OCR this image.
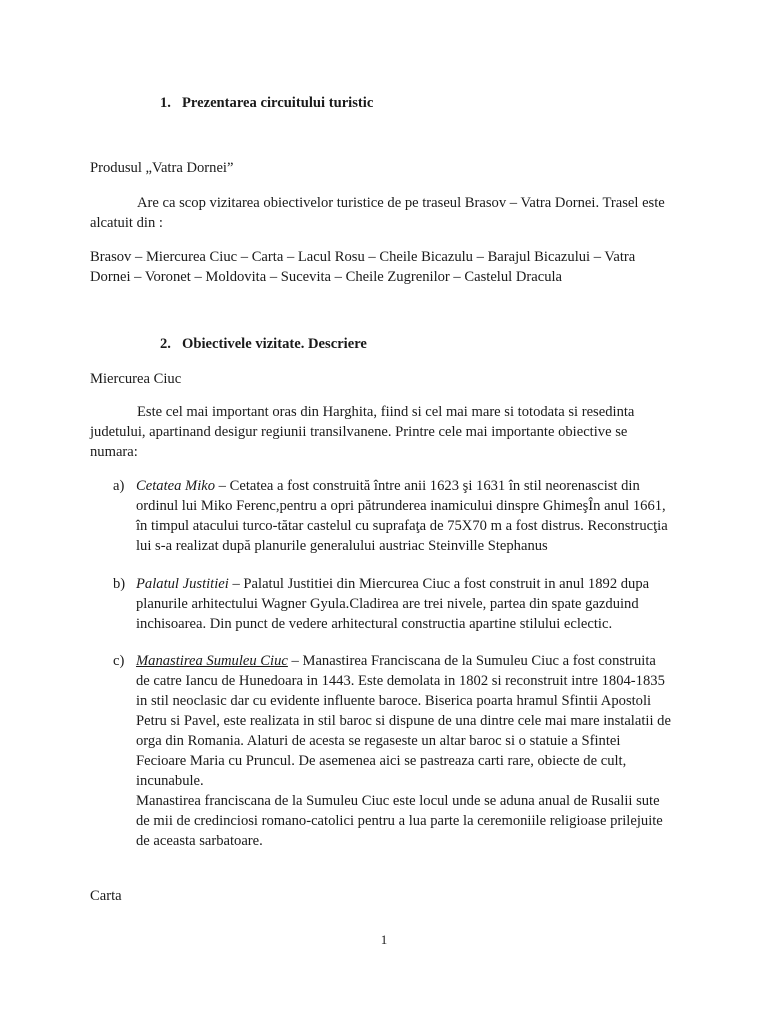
1. Prezentarea circuitului turistic

Produsul „Vatra Dornei”

Are ca scop vizitarea obiectivelor turistice de pe traseul Brasov – Vatra Dornei. Trasel este alcatuit din :

Brasov – Miercurea Ciuc – Carta – Lacul Rosu – Cheile Bicazulu – Barajul Bicazului – Vatra Dornei – Voronet – Moldovita – Sucevita – Cheile Zugrenilor – Castelul Dracula

2. Obiectivele vizitate. Descriere

Miercurea Ciuc

Este cel mai important oras din Harghita, fiind si cel mai mare si totodata si resedinta judetului, apartinand desigur regiunii transilvanene. Printre cele mai importante obiective se numara:

a) Cetatea Miko – Cetatea a fost construită între anii 1623 şi 1631 în stil neorenascist din ordinul lui Miko Ferenc,pentru a opri pătrunderea inamicului dinspre GhimeşÎn anul 1661, în timpul atacului turco-tătar castelul cu suprafaţa de 75X70 m a fost distrus. Reconstrucţia lui s-a realizat după planurile generalului austriac Steinville Stephanus
b) Palatul Justitiei – Palatul Justitiei din Miercurea Ciuc a fost construit in anul 1892 dupa planurile arhitectului Wagner Gyula.Cladirea are trei nivele, partea din spate gazduind inchisoarea. Din punct de vedere arhitectural constructia apartine stilului eclectic.
c) Manastirea Sumuleu Ciuc – Manastirea Franciscana de la Sumuleu Ciuc a fost construita de catre Iancu de Hunedoara in 1443. Este demolata in 1802 si reconstruit intre 1804-1835 in stil neoclasic dar cu evidente influente baroce. Biserica poarta hramul Sfintii Apostoli Petru si Pavel, este realizata in stil baroc si dispune de una dintre cele mai mare instalatii de orga din Romania. Alaturi de acesta se regaseste un altar baroc si o statuie a Sfintei Fecioare Maria cu Pruncul. De asemenea aici se pastreaza carti rare, obiecte de cult, incunabule.
Manastirea franciscana de la Sumuleu Ciuc este locul unde se aduna anual de Rusalii sute de mii de credinciosi romano-catolici pentru a lua parte la ceremoniile religioase prilejuite de aceasta sarbatoare.

Carta

1
